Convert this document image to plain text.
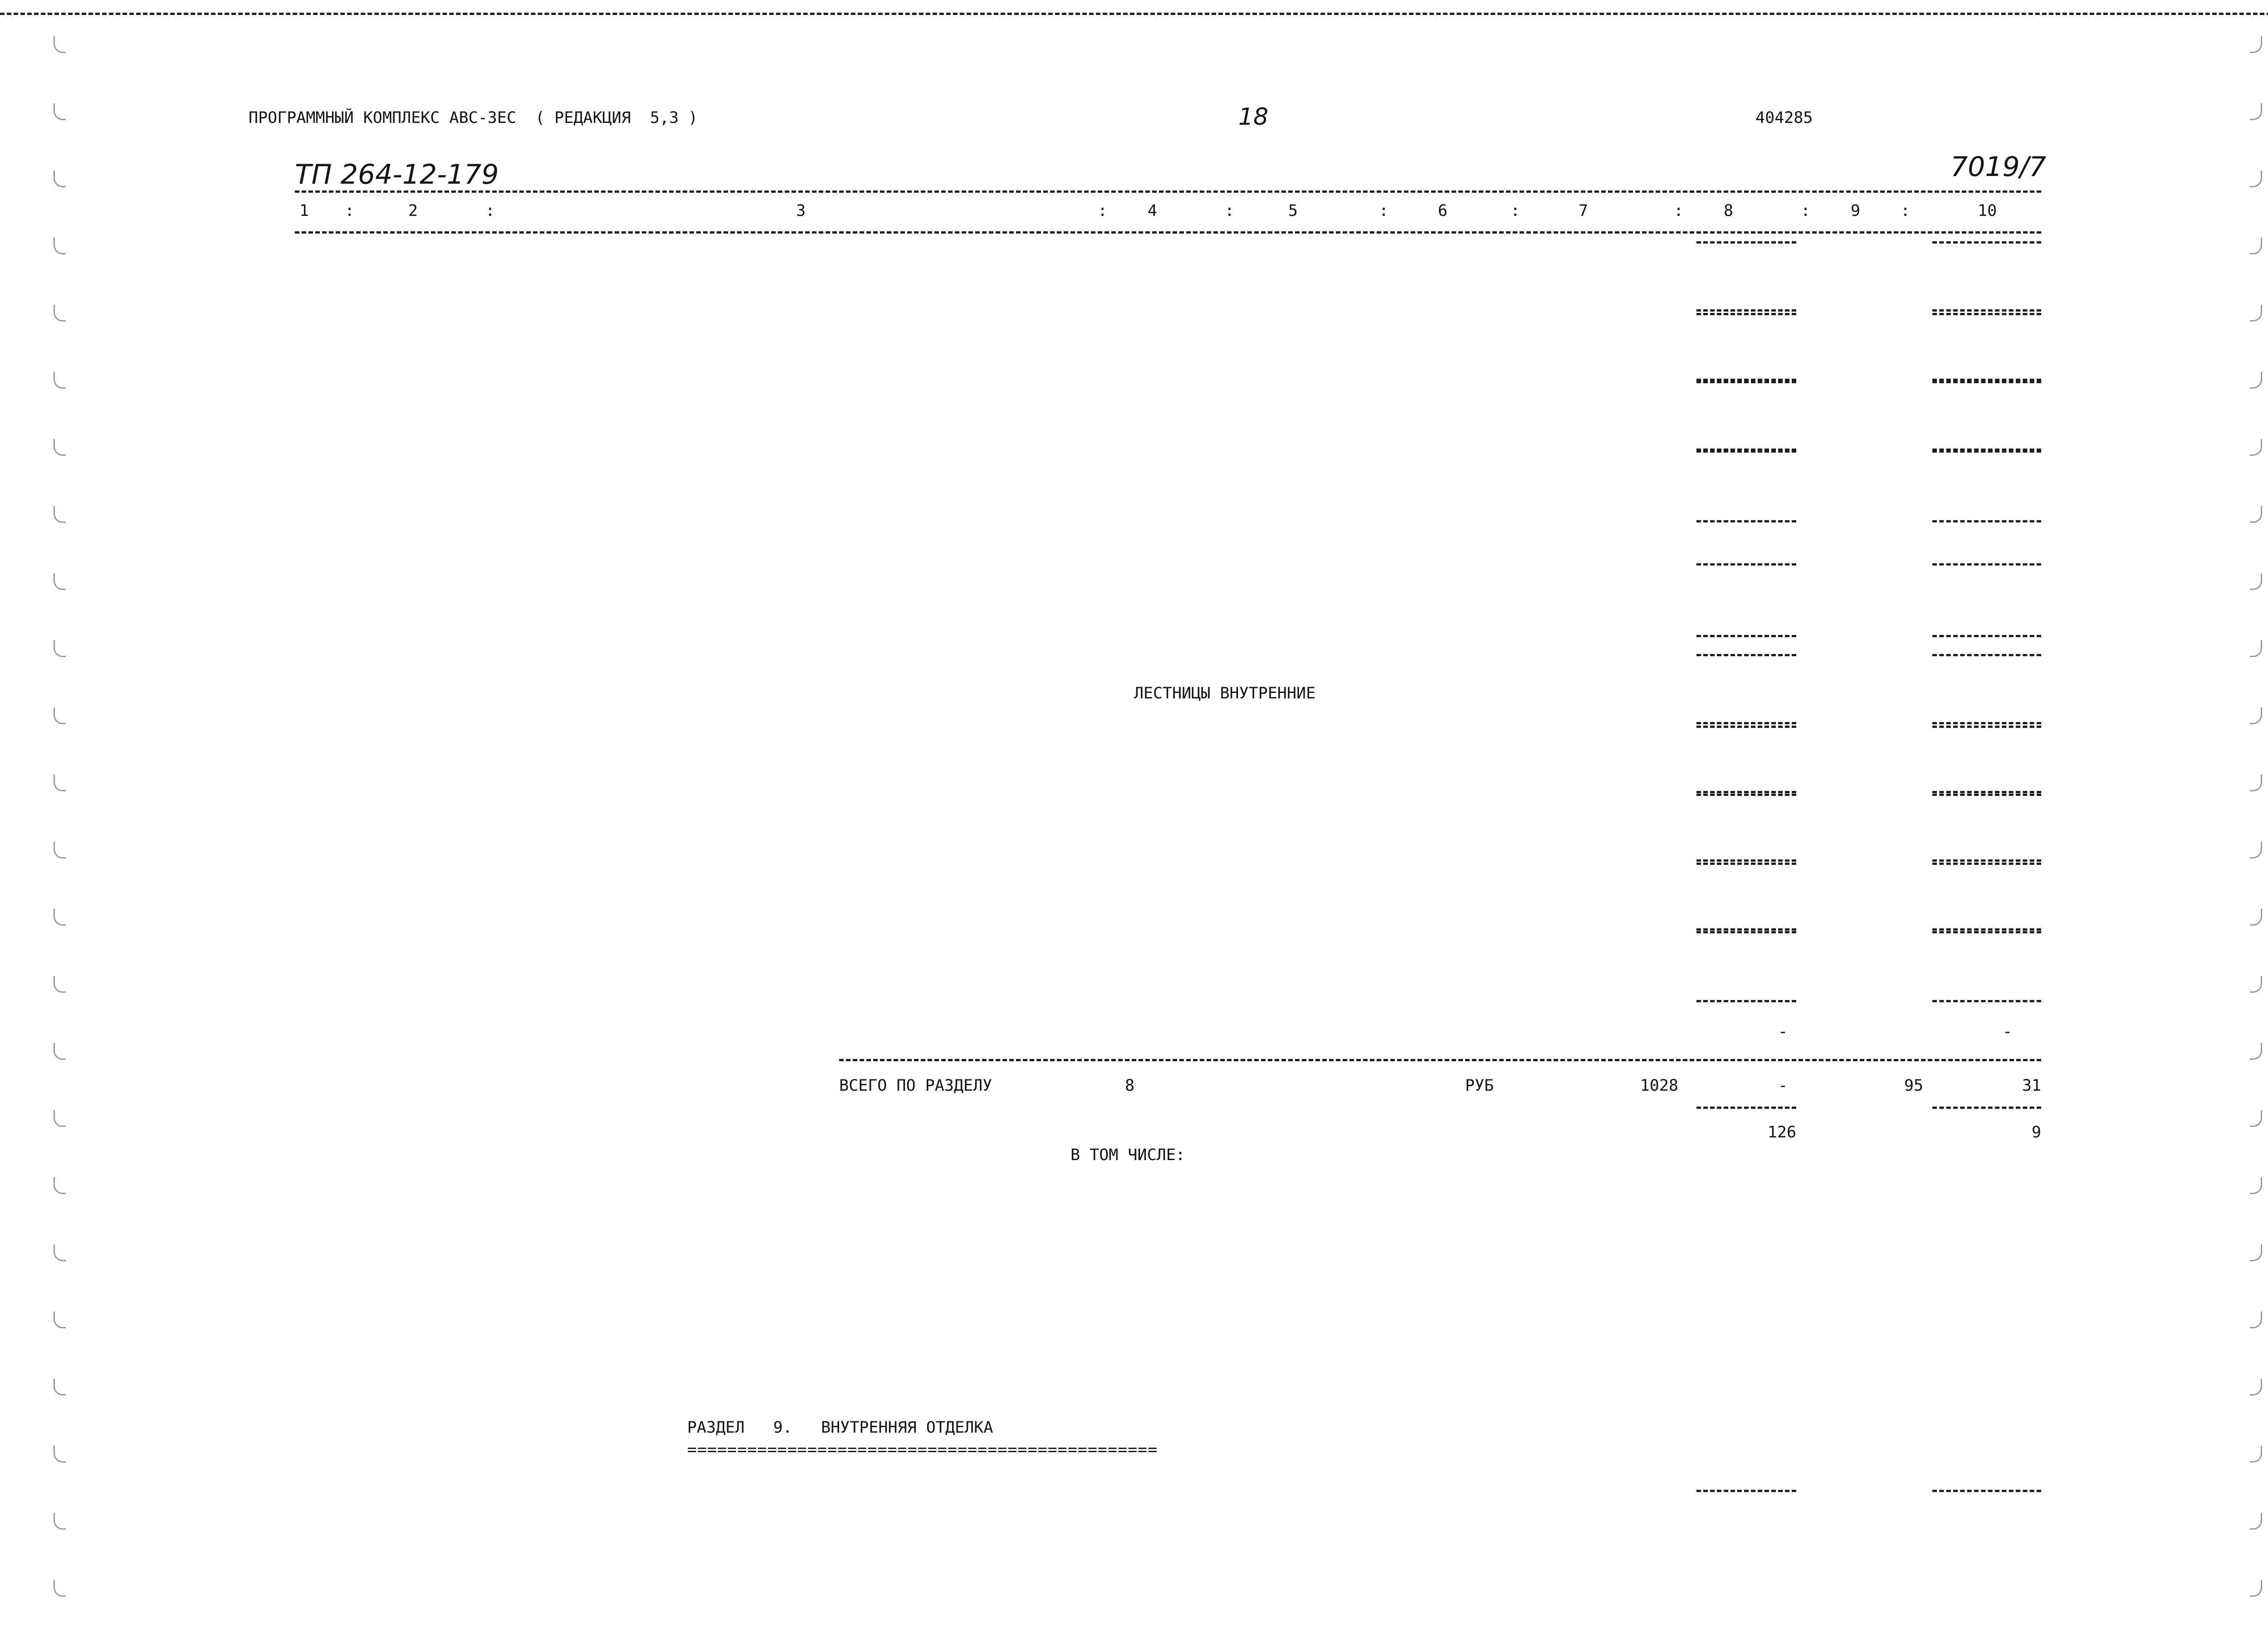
ПРОГРАММНЫЙ КОМПЛЕКС АВС-ЗЕС  ( РЕДАКЦИЯ  5,3 )	18	404285
ТП 264-12-179	7019/7
1	2	3	4	5	6	7	8	9	10
:	:	:	:	:	:	:	:	:
ЛЕСТНИЦЫ ВНУТРЕННИЕ
-	-
ВСЕГО ПО РАЗДЕЛУ	8	РУБ	1028	-	95	31
126	9
В ТОМ ЧИСЛЕ:
РАЗДЕЛ   9.   ВНУТРЕННЯЯ ОТДЕЛКА
===============================================
